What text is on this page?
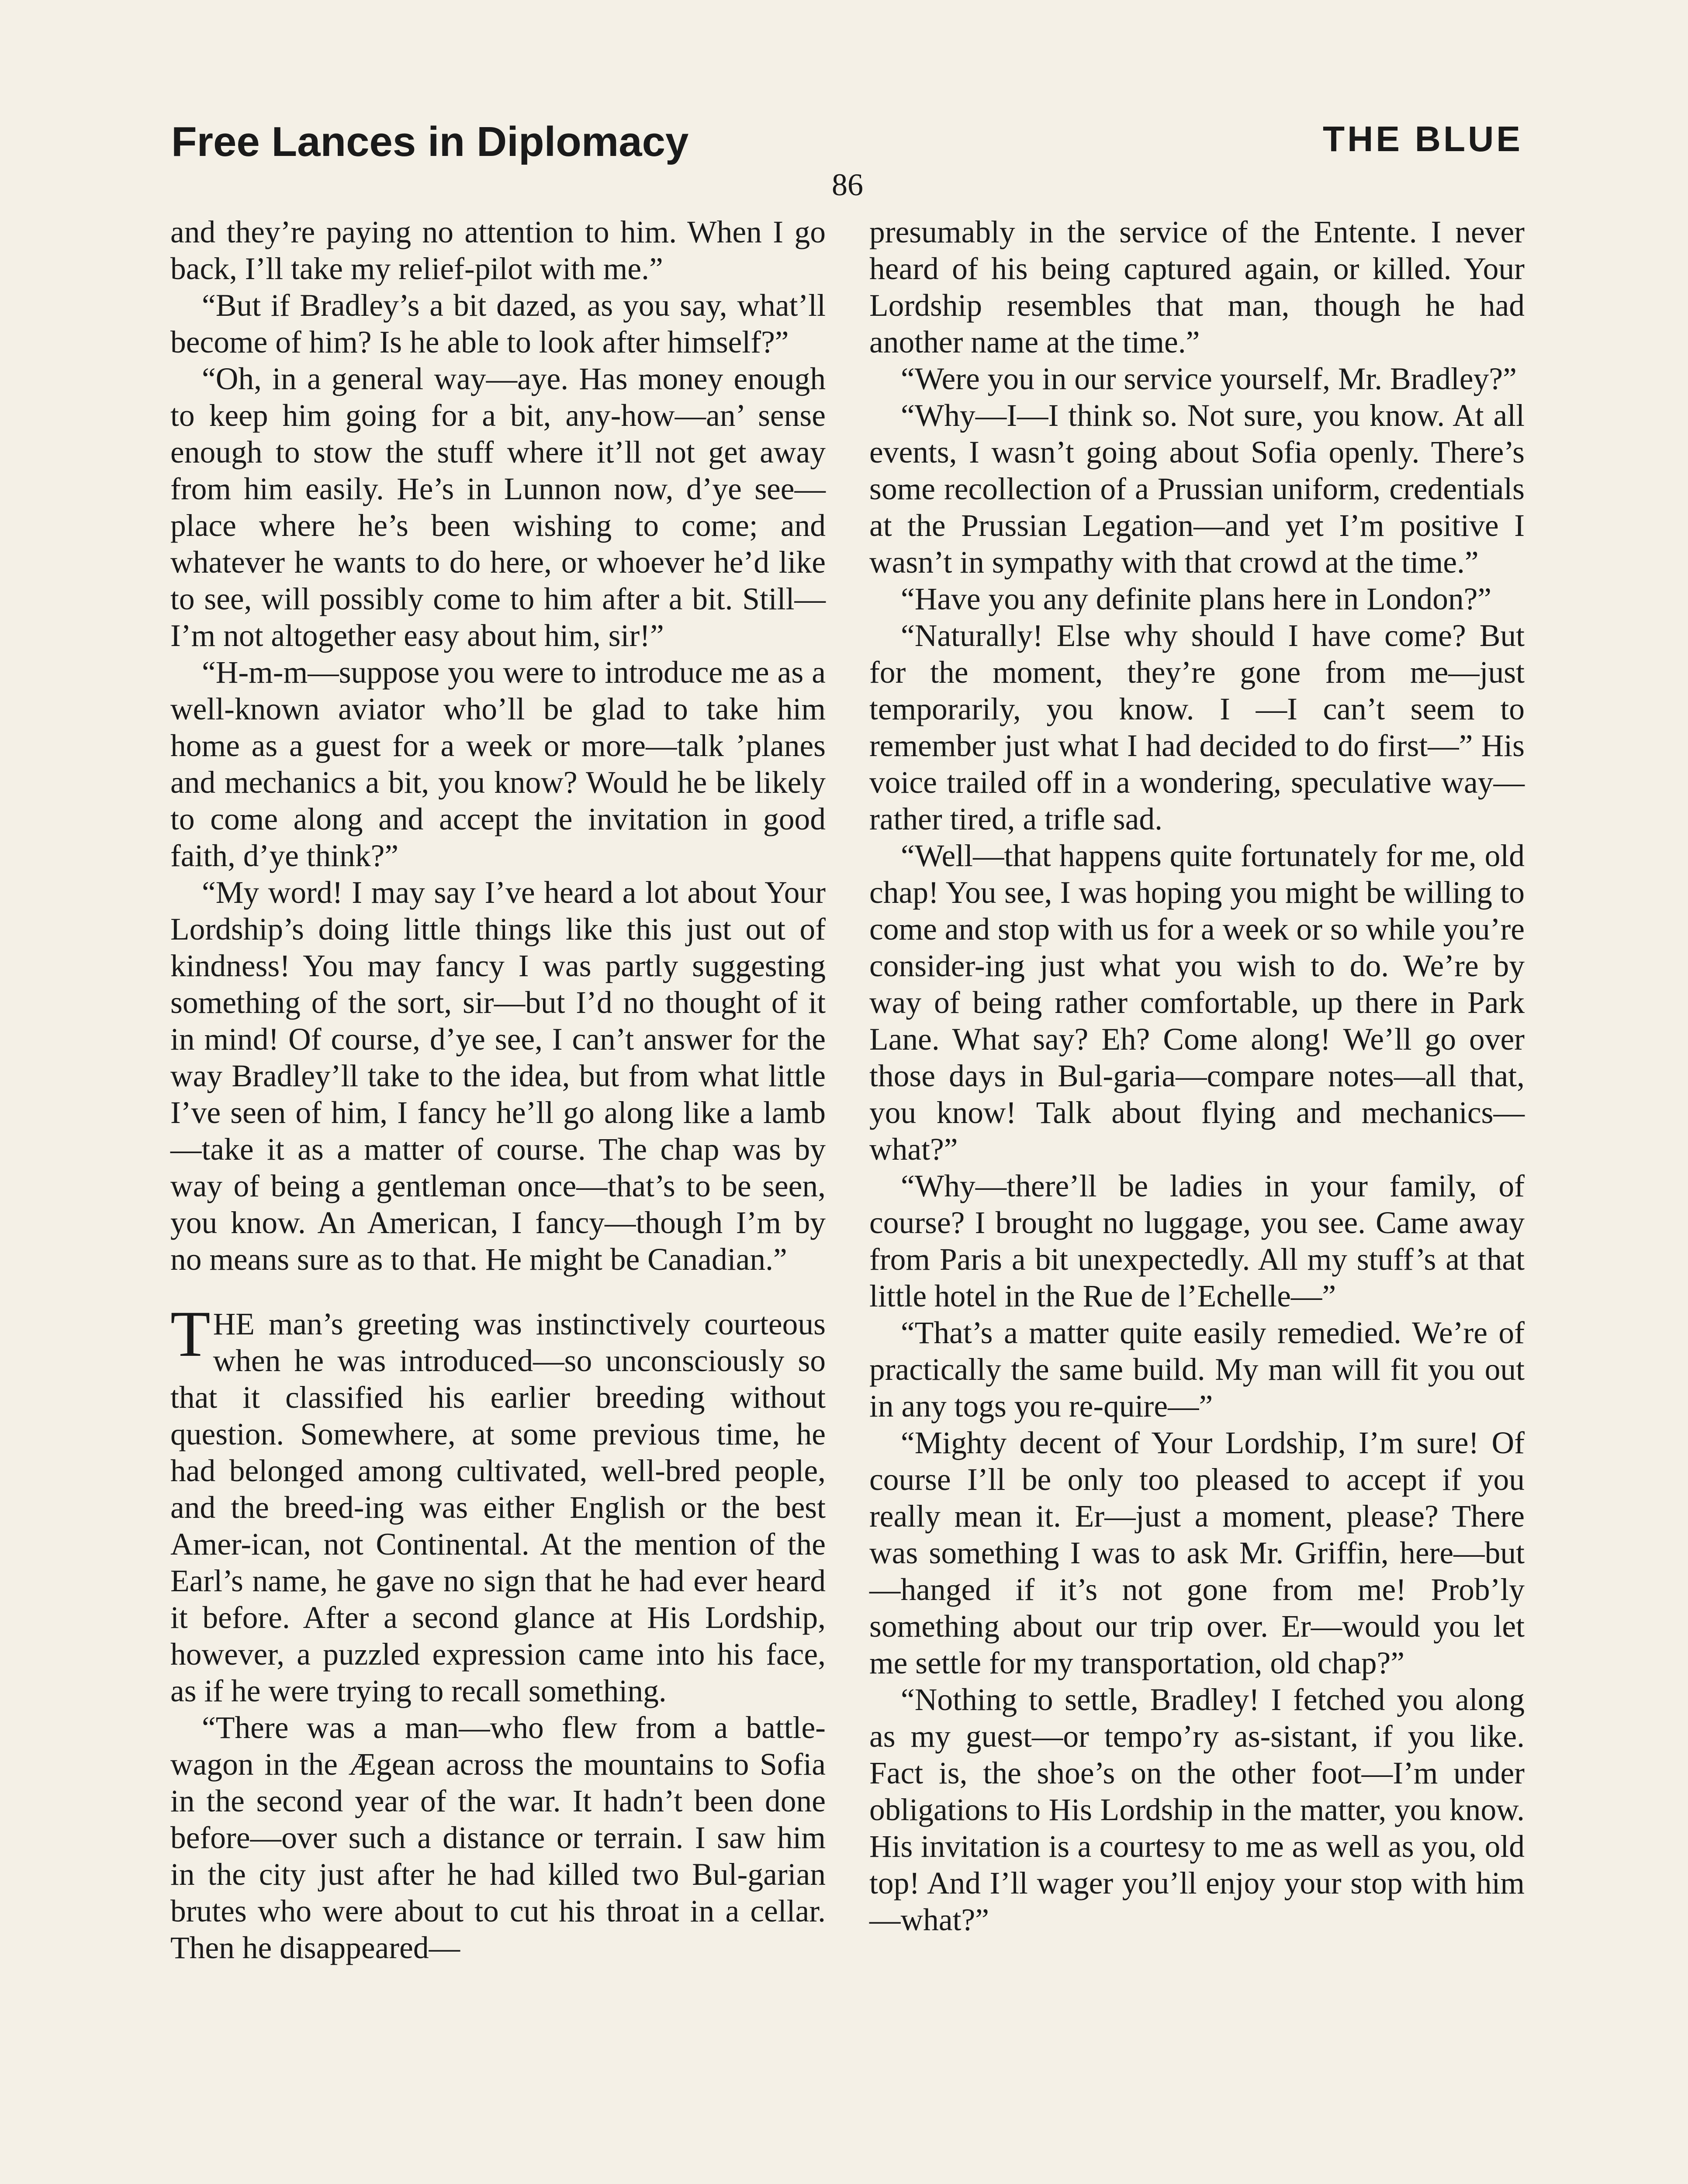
Free Lances in Diplomacy	THE BLUE
86

and they’re paying no attention to him. When I go back, I’ll take my relief-pilot with me.”

“But if Bradley’s a bit dazed, as you say, what’ll become of him? Is he able to look after himself?”

“Oh, in a general way—aye. Has money enough to keep him going for a bit, any-how—an’ sense enough to stow the stuff where it’ll not get away from him easily. He’s in Lunnon now, d’ye see—place where he’s been wishing to come; and whatever he wants to do here, or whoever he’d like to see, will possibly come to him after a bit. Still—I’m not altogether easy about him, sir!”

“H-m-m—suppose you were to introduce me as a well-known aviator who’ll be glad to take him home as a guest for a week or more—talk ’planes and mechanics a bit, you know? Would he be likely to come along and accept the invitation in good faith, d’ye think?”

“My word! I may say I’ve heard a lot about Your Lordship’s doing little things like this just out of kindness! You may fancy I was partly suggesting something of the sort, sir—but I’d no thought of it in mind! Of course, d’ye see, I can’t answer for the way Bradley’ll take to the idea, but from what little I’ve seen of him, I fancy he’ll go along like a lamb—take it as a matter of course. The chap was by way of being a gentleman once—that’s to be seen, you know. An American, I fancy—though I’m by no means sure as to that. He might be Canadian.”

THE man’s greeting was instinctively courteous when he was introduced—so unconsciously so that it classified his earlier breeding without question. Somewhere, at some previous time, he had belonged among cultivated, well-bred people, and the breed-ing was either English or the best Amer-ican, not Continental. At the mention of the Earl’s name, he gave no sign that he had ever heard it before. After a second glance at His Lordship, however, a puzzled expression came into his face, as if he were trying to recall something.

“There was a man—who flew from a battle-wagon in the Ægean across the mountains to Sofia in the second year of the war. It hadn’t been done before—over such a distance or terrain. I saw him in the city just after he had killed two Bul-garian brutes who were about to cut his throat in a cellar. Then he disappeared—

presumably in the service of the Entente. I never heard of his being captured again, or killed. Your Lordship resembles that man, though he had another name at the time.”

“Were you in our service yourself, Mr. Bradley?”

“Why—I—I think so. Not sure, you know. At all events, I wasn’t going about Sofia openly. There’s some recollection of a Prussian uniform, credentials at the Prussian Legation—and yet I’m positive I wasn’t in sympathy with that crowd at the time.”

“Have you any definite plans here in London?”

“Naturally! Else why should I have come? But for the moment, they’re gone from me—just temporarily, you know. I —I can’t seem to remember just what I had decided to do first—” His voice trailed off in a wondering, speculative way—rather tired, a trifle sad.

“Well—that happens quite fortunately for me, old chap! You see, I was hoping you might be willing to come and stop with us for a week or so while you’re consider-ing just what you wish to do. We’re by way of being rather comfortable, up there in Park Lane. What say? Eh? Come along! We’ll go over those days in Bul-garia—compare notes—all that, you know! Talk about flying and mechanics—what?”

“Why—there’ll be ladies in your family, of course? I brought no luggage, you see. Came away from Paris a bit unexpectedly. All my stuff’s at that little hotel in the Rue de l’Echelle—”

“That’s a matter quite easily remedied. We’re of practically the same build. My man will fit you out in any togs you re-quire—”

“Mighty decent of Your Lordship, I’m sure! Of course I’ll be only too pleased to accept if you really mean it. Er—just a moment, please? There was something I was to ask Mr. Griffin, here—but—hanged if it’s not gone from me! Prob’ly something about our trip over. Er—would you let me settle for my transportation, old chap?”

“Nothing to settle, Bradley! I fetched you along as my guest—or tempo’ry as-sistant, if you like. Fact is, the shoe’s on the other foot—I’m under obligations to His Lordship in the matter, you know. His invitation is a courtesy to me as well as you, old top! And I’ll wager you’ll enjoy your stop with him—what?”
